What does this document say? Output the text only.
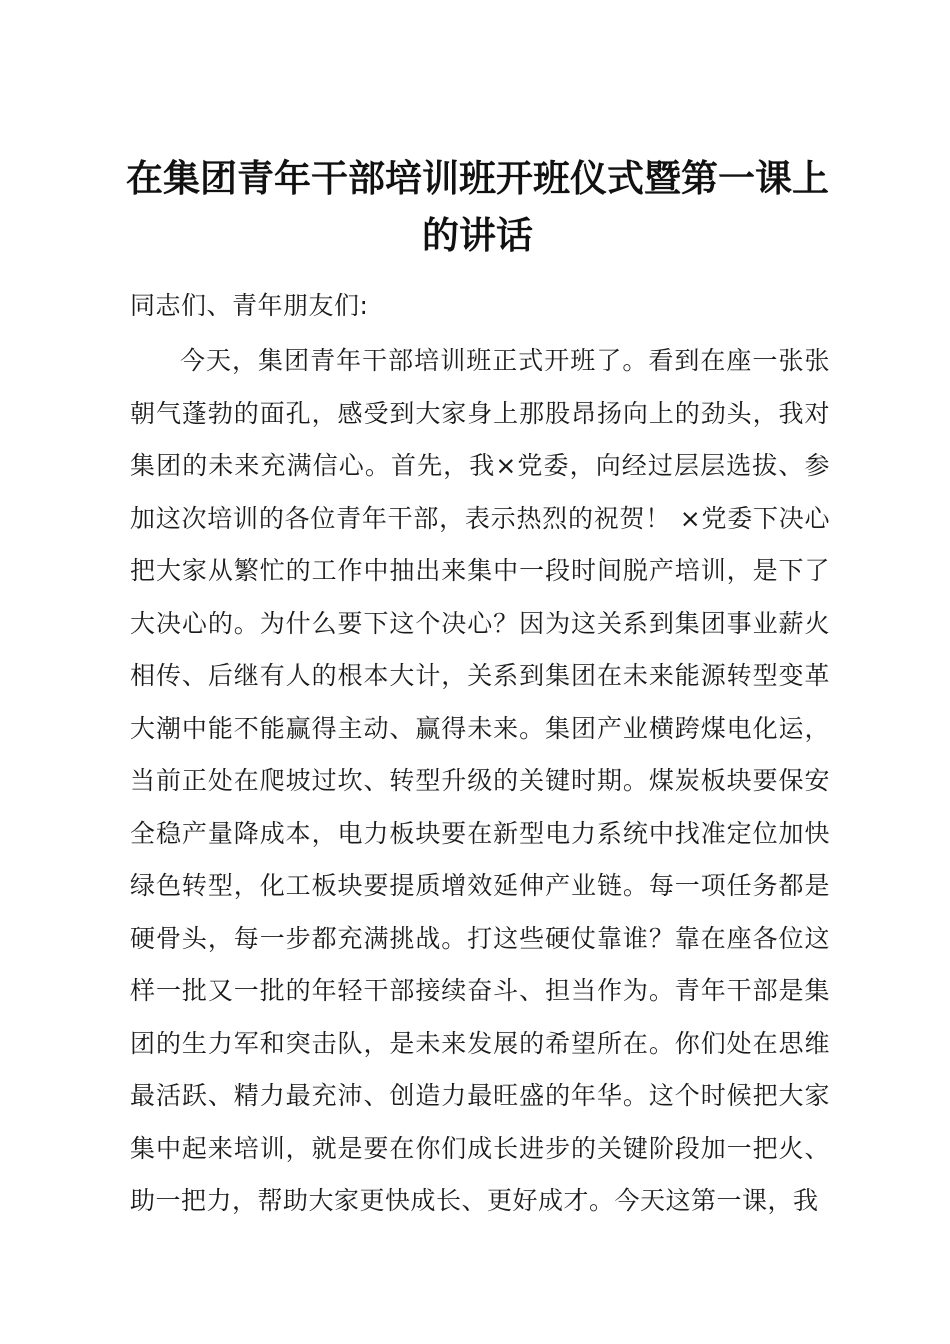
在集团青年干部培训班开班仪式暨第一课上的讲话

同志们、青年朋友们:

今天，集团青年干部培训班正式开班了。看到在座一张张朝气蓬勃的面孔，感受到大家身上那股昂扬向上的劲头，我对集团的未来充满信心。首先，我×党委，向经过层层选拔、参加这次培训的各位青年干部，表示热烈的祝贺！ ×党委下决心把大家从繁忙的工作中抽出来集中一段时间脱产培训，是下了大决心的。为什么要下这个决心？因为这关系到集团事业薪火相传、后继有人的根本大计，关系到集团在未来能源转型变革大潮中能不能赢得主动、赢得未来。集团产业横跨煤电化运，当前正处在爬坡过坎、转型升级的关键时期。煤炭板块要保安全稳产量降成本，电力板块要在新型电力系统中找准定位加快绿色转型，化工板块要提质增效延伸产业链。每一项任务都是硬骨头，每一步都充满挑战。打这些硬仗靠谁？靠在座各位这样一批又一批的年轻干部接续奋斗、担当作为。青年干部是集团的生力军和突击队，是未来发展的希望所在。你们处在思维最活跃、精力最充沛、创造力最旺盛的年华。这个时候把大家集中起来培训，就是要在你们成长进步的关键阶段加一把火、助一把力，帮助大家更快成长、更好成才。今天这第一课，我
